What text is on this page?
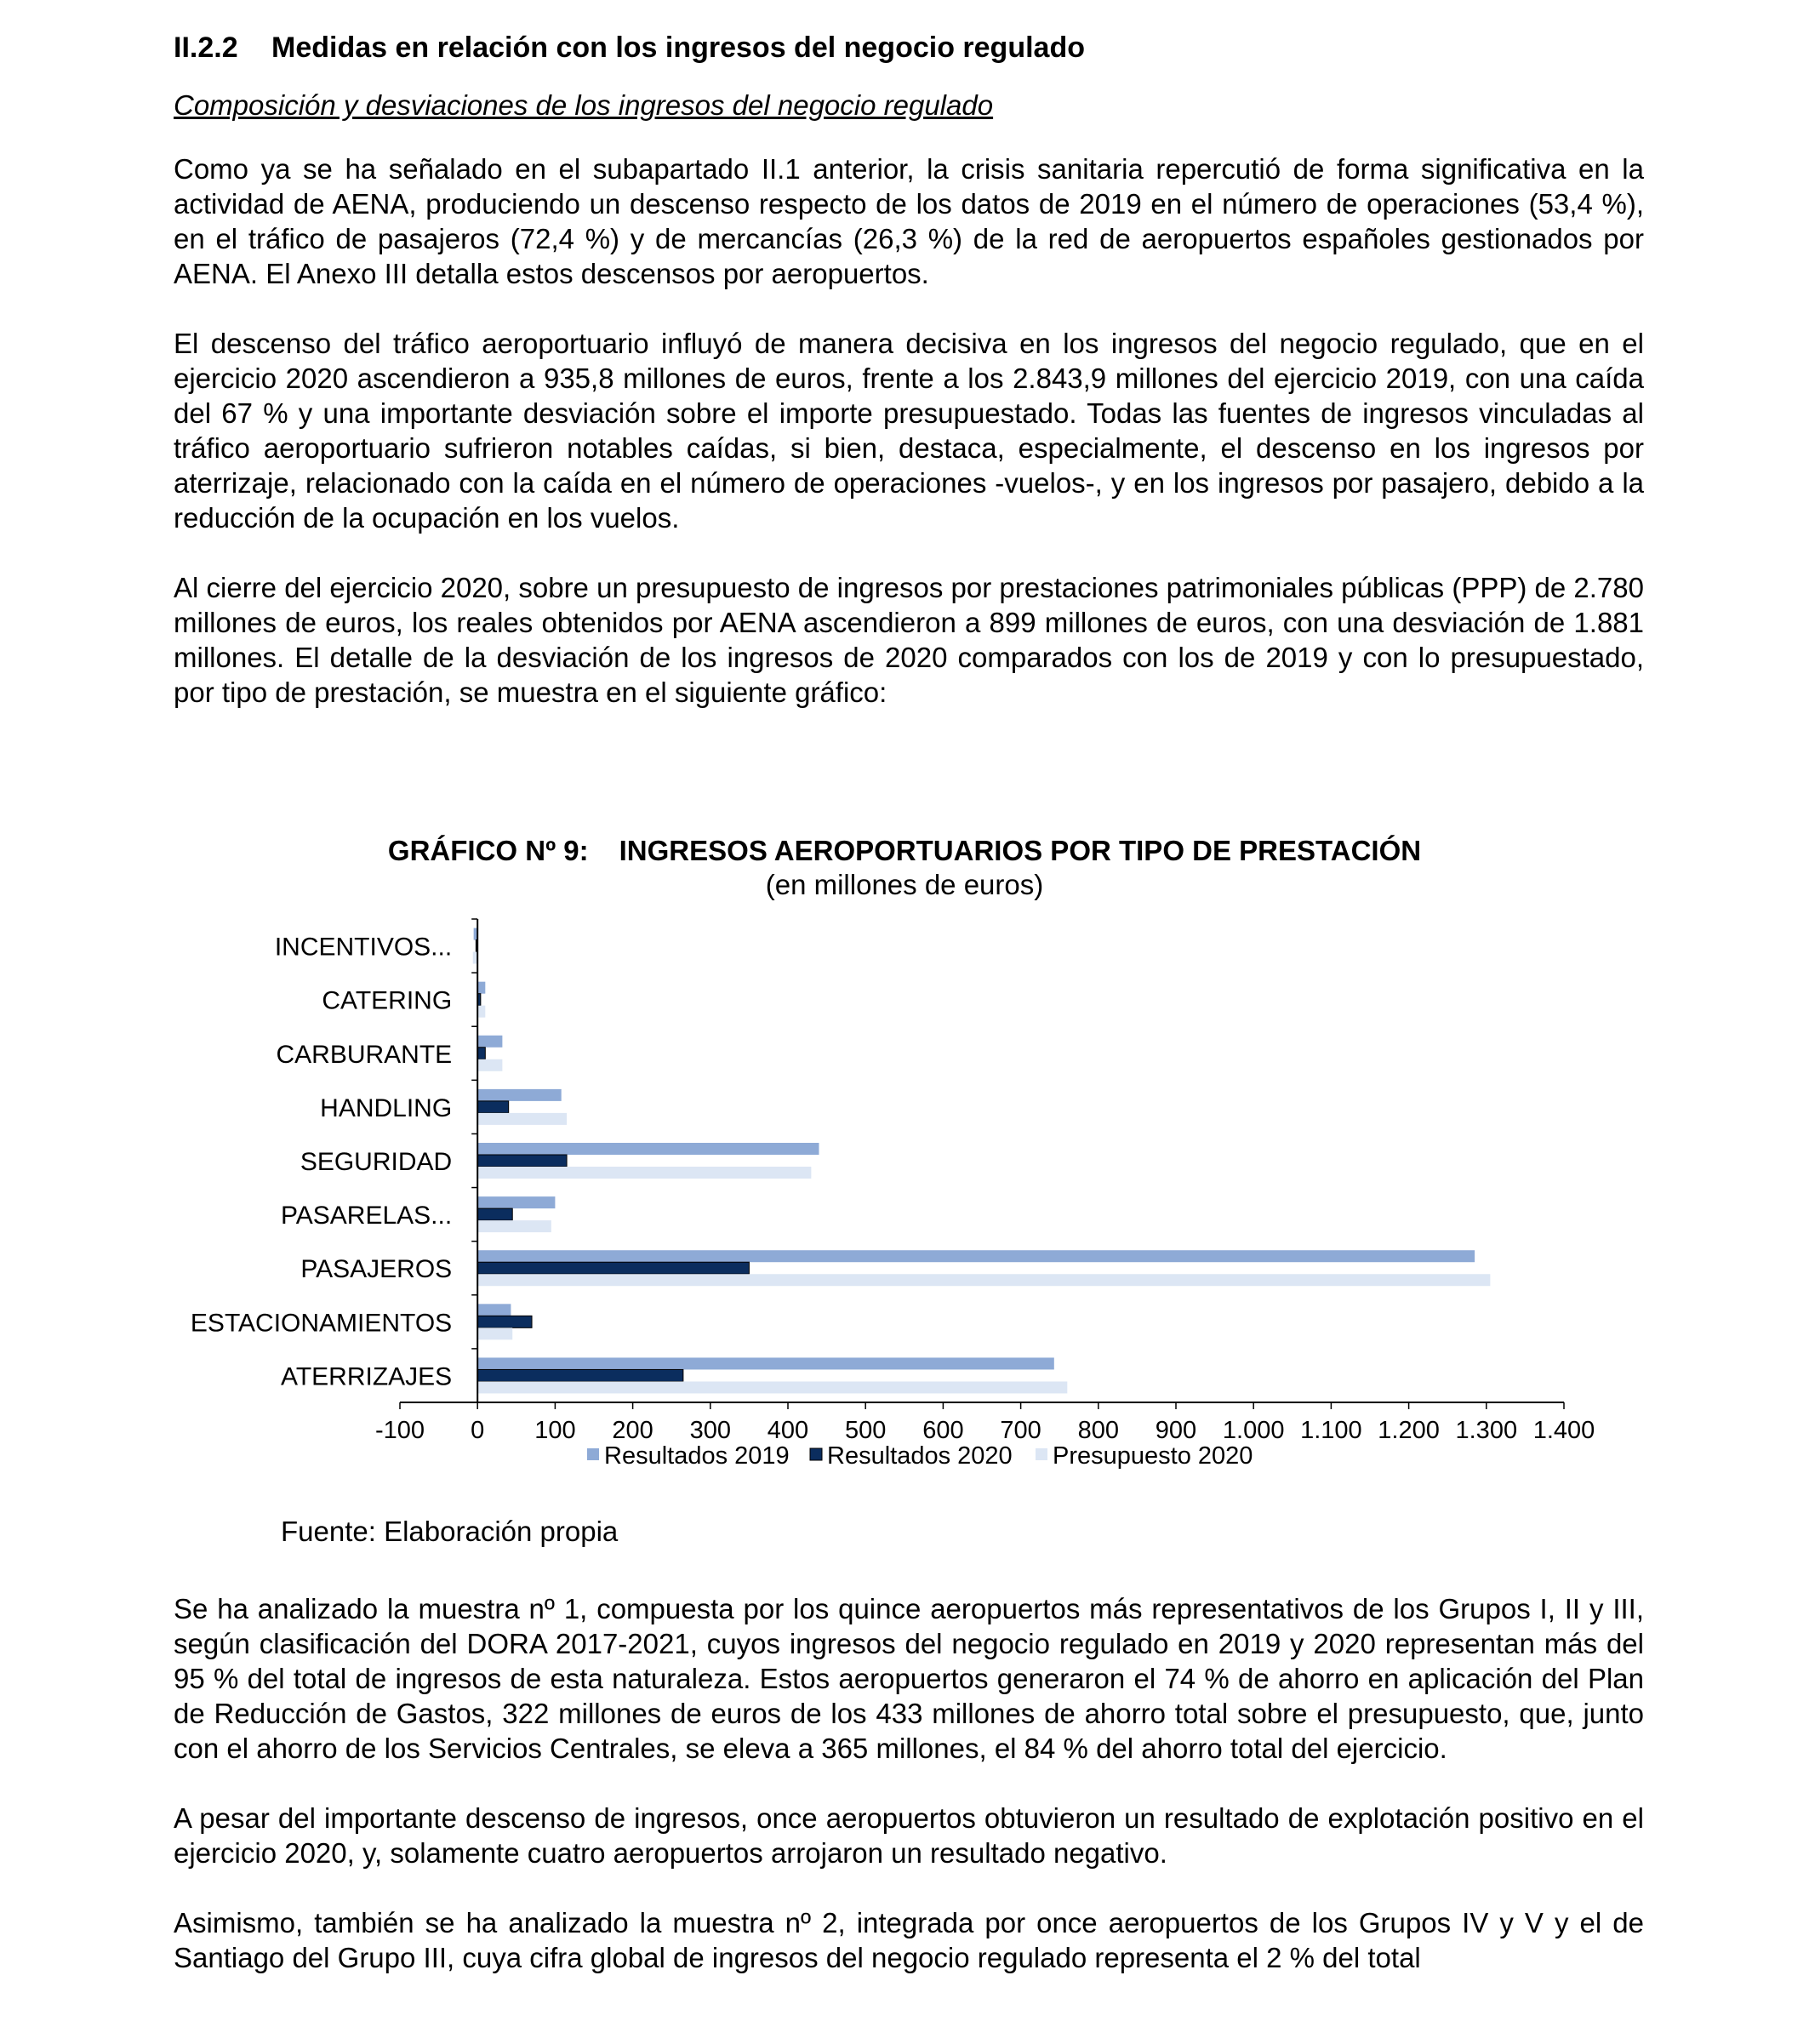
II.2.2	Medidas en relación con los ingresos del negocio regulado
Composición y desviaciones de los ingresos del negocio regulado

Como ya se ha señalado en el subapartado II.1 anterior, la crisis sanitaria repercutió de forma significativa en la actividad de AENA, produciendo un descenso respecto de los datos de 2019 en el número de operaciones (53,4 %), en el tráfico de pasajeros (72,4 %) y de mercancías (26,3 %) de la red de aeropuertos españoles gestionados por AENA. El Anexo III detalla estos descensos por aeropuertos.

El descenso del tráfico aeroportuario influyó de manera decisiva en los ingresos del negocio regulado, que en el ejercicio 2020 ascendieron a 935,8 millones de euros, frente a los 2.843,9 millones del ejercicio 2019, con una caída del 67 % y una importante desviación sobre el importe presupuestado. Todas las fuentes de ingresos vinculadas al tráfico aeroportuario sufrieron notables caídas, si bien, destaca, especialmente, el descenso en los ingresos por aterrizaje, relacionado con la caída en el número de operaciones -vuelos-, y en los ingresos por pasajero, debido a la reducción de la ocupación en los vuelos.

Al cierre del ejercicio 2020, sobre un presupuesto de ingresos por prestaciones patrimoniales públicas (PPP) de 2.780 millones de euros, los reales obtenidos por AENA ascendieron a 899 millones de euros, con una desviación de 1.881 millones. El detalle de la desviación de los ingresos de 2020 comparados con los de 2019 y con lo presupuestado, por tipo de prestación, se muestra en el siguiente gráfico:

GRÁFICO Nº 9: INGRESOS AEROPORTUARIOS POR TIPO DE PRESTACIÓN
(en millones de euros)
INCENTIVOS...
CATERING
CARBURANTE
HANDLING
SEGURIDAD
PASARELAS...
PASAJEROS
ESTACIONAMIENTOS
ATERRIZAJES
-100 0 100 200 300 400 500 600 700 800 900 1.000 1.100 1.200 1.300 1.400
Resultados 2019 Resultados 2020 Presupuesto 2020
Fuente: Elaboración propia

Se ha analizado la muestra nº 1, compuesta por los quince aeropuertos más representativos de los Grupos I, II y III, según clasificación del DORA 2017-2021, cuyos ingresos del negocio regulado en 2019 y 2020 representan más del 95 % del total de ingresos de esta naturaleza. Estos aeropuertos generaron el 74 % de ahorro en aplicación del Plan de Reducción de Gastos, 322 millones de euros de los 433 millones de ahorro total sobre el presupuesto, que, junto con el ahorro de los Servicios Centrales, se eleva a 365 millones, el 84 % del ahorro total del ejercicio.

A pesar del importante descenso de ingresos, once aeropuertos obtuvieron un resultado de explotación positivo en el ejercicio 2020, y, solamente cuatro aeropuertos arrojaron un resultado negativo.

Asimismo, también se ha analizado la muestra nº 2, integrada por once aeropuertos de los Grupos IV y V y el de Santiago del Grupo III, cuya cifra global de ingresos del negocio regulado representa el 2 % del total
